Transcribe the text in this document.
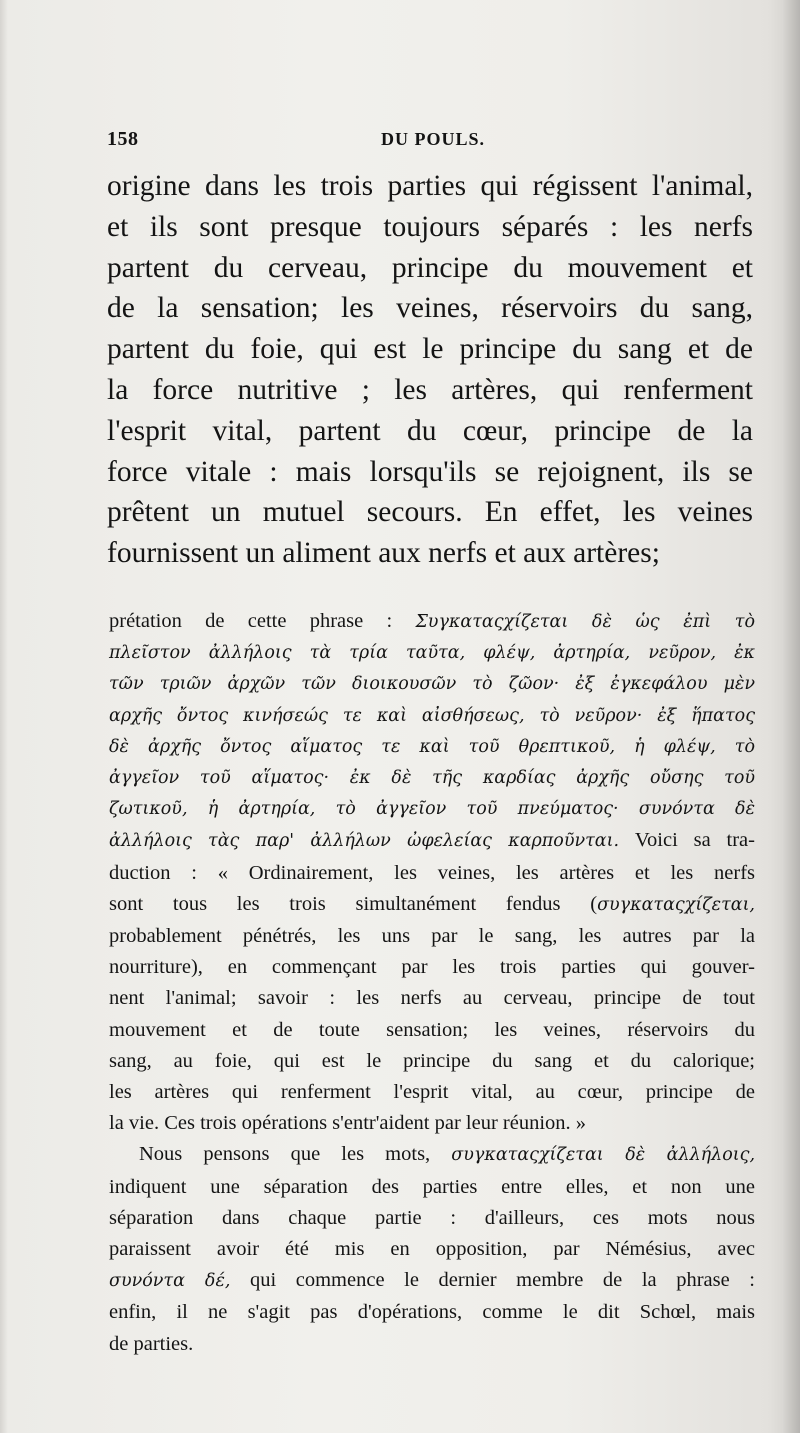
158	DU POULS.
origine dans les trois parties qui régissent l'animal,
et ils sont presque toujours séparés : les nerfs
partent du cerveau, principe du mouvement et
de la sensation; les veines, réservoirs du sang,
partent du foie, qui est le principe du sang et de
la force nutritive ; les artères, qui renferment
l'esprit vital, partent du cœur, principe de la
force vitale : mais lorsqu'ils se rejoignent, ils se
prêtent un mutuel secours. En effet, les veines
fournissent un aliment aux nerfs et aux artères;
prétation de cette phrase : Συγκαταςχίζεται δὲ ὡς ἐπὶ τὸ
πλεῖστον ἀλλήλοις τὰ τρία ταῦτα, φλέψ, ἀρτηρία, νεῦρον, ἐκ
τῶν τριῶν ἀρχῶν τῶν διοικουσῶν τὸ ζῶον· ἐξ ἐγκεφάλου μὲν
αρχῆς ὄντος κινήσεώς τε καὶ αἰσθήσεως, τὸ νεῦρον· ἐξ ἥπατος
δὲ ἀρχῆς ὄντος αἵματος τε καὶ τοῦ θρεπτικοῦ, ἡ φλέψ, τὸ
ἀγγεῖον τοῦ αἵματος· ἐκ δὲ τῆς καρδίας ἀρχῆς οὔσης τοῦ
ζωτικοῦ, ἡ ἀρτηρία, τὸ ἀγγεῖον τοῦ πνεύματος· συνόντα δὲ
ἀλλήλοις τὰς παρ' ἀλλήλων ὠφελείας καρποῦνται. Voici sa tra-
duction : « Ordinairement, les veines, les artères et les nerfs
sont tous les trois simultanément fendus (συγκαταςχίζεται,
probablement pénétrés, les uns par le sang, les autres par la
nourriture), en commençant par les trois parties qui gouver-
nent l'animal; savoir : les nerfs au cerveau, principe de tout
mouvement et de toute sensation; les veines, réservoirs du
sang, au foie, qui est le principe du sang et du calorique;
les artères qui renferment l'esprit vital, au cœur, principe de
la vie. Ces trois opérations s'entr'aident par leur réunion. »
Nous pensons que les mots, συγκαταςχίζεται δὲ ἀλλήλοις,
indiquent une séparation des parties entre elles, et non une
séparation dans chaque partie : d'ailleurs, ces mots nous
paraissent avoir été mis en opposition, par Némésius, avec
συνόντα δέ, qui commence le dernier membre de la phrase :
enfin, il ne s'agit pas d'opérations, comme le dit Schœl, mais
de parties.
